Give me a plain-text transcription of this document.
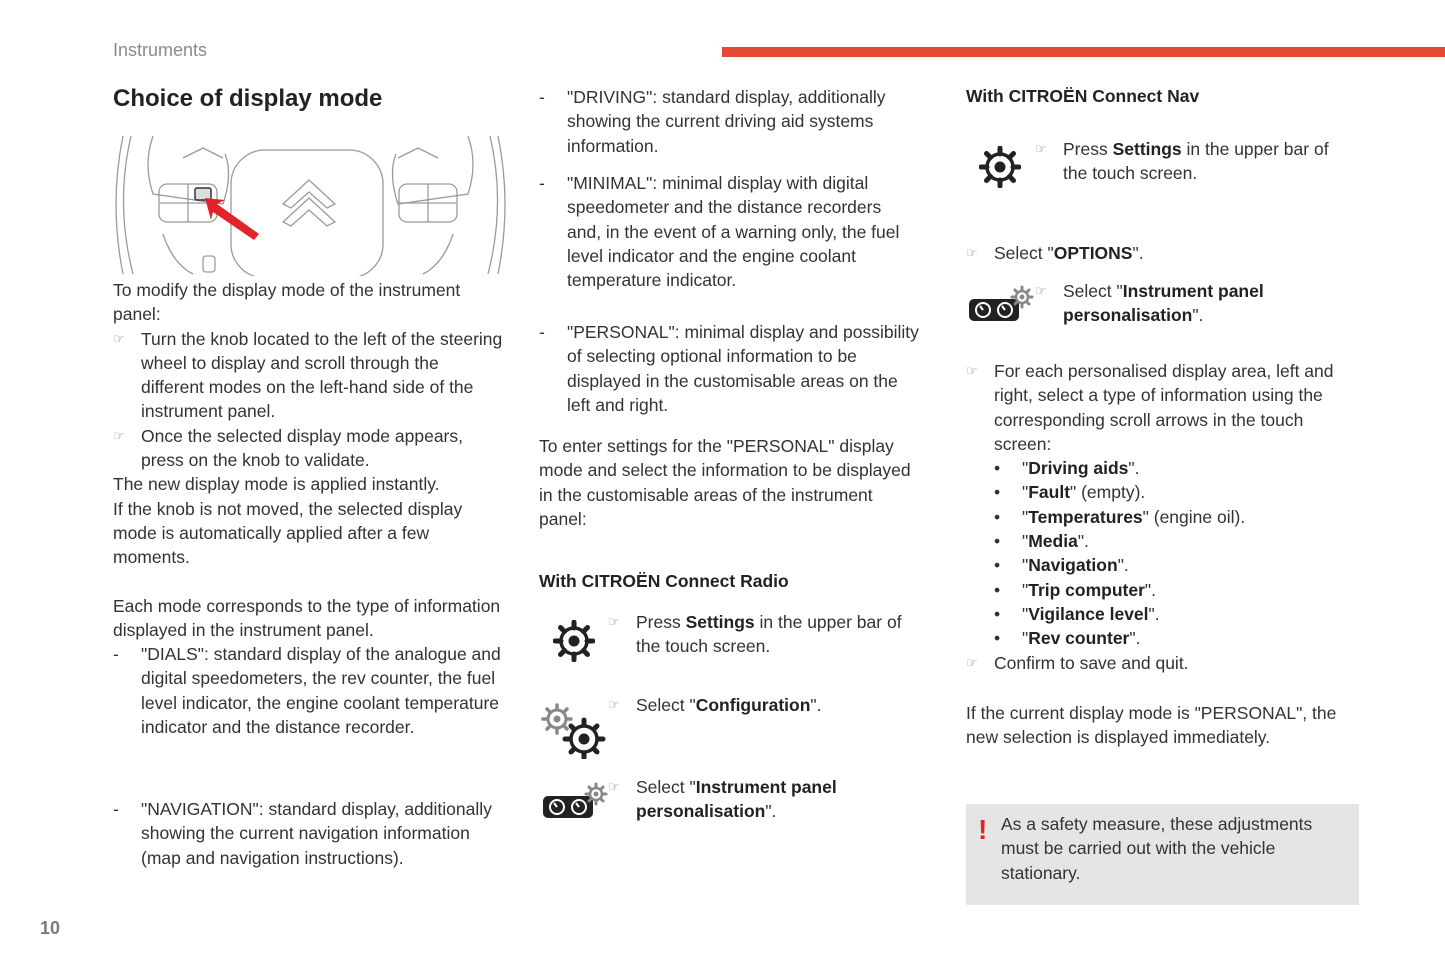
Instruments
Choice of display mode

To modify the display mode of the instrument panel:

☞ Turn the knob located to the left of the steering wheel to display and scroll through the different modes on the left-hand side of the instrument panel.
☞ Once the selected display mode appears, press on the knob to validate.

The new display mode is applied instantly.

If the knob is not moved, the selected display mode is automatically applied after a few moments.

Each mode corresponds to the type of information displayed in the instrument panel.

- "DIALS": standard display of the analogue and digital speedometers, the rev counter, the fuel level indicator, the engine coolant temperature indicator and the distance recorder.
- "NAVIGATION": standard display, additionally showing the current navigation information (map and navigation instructions).
- "DRIVING": standard display, additionally showing the current driving aid systems information.
- "MINIMAL": minimal display with digital speedometer and the distance recorders and, in the event of a warning only, the fuel level indicator and the engine coolant temperature indicator.
- "PERSONAL": minimal display and possibility of selecting optional information to be displayed in the customisable areas on the left and right.
To enter settings for the "PERSONAL" display mode and select the information to be displayed in the customisable areas of the instrument panel:
With CITROËN Connect Radio
☞ Press Settings in the upper bar of the touch screen.
☞ Select "Configuration".
☞ Select "Instrument panel personalisation".
With CITROËN Connect Nav
☞ Press Settings in the upper bar of the touch screen.
☞ Select "OPTIONS".
☞ Select "Instrument panel personalisation".
☞ For each personalised display area, left and right, select a type of information using the corresponding scroll arrows in the touch screen:
• "Driving aids".
• "Fault" (empty).
• "Temperatures" (engine oil).
• "Media".
• "Navigation".
• "Trip computer".
• "Vigilance level".
• "Rev counter".
☞ Confirm to save and quit.
If the current display mode is "PERSONAL", the new selection is displayed immediately.
! As a safety measure, these adjustments must be carried out with the vehicle stationary.
10
